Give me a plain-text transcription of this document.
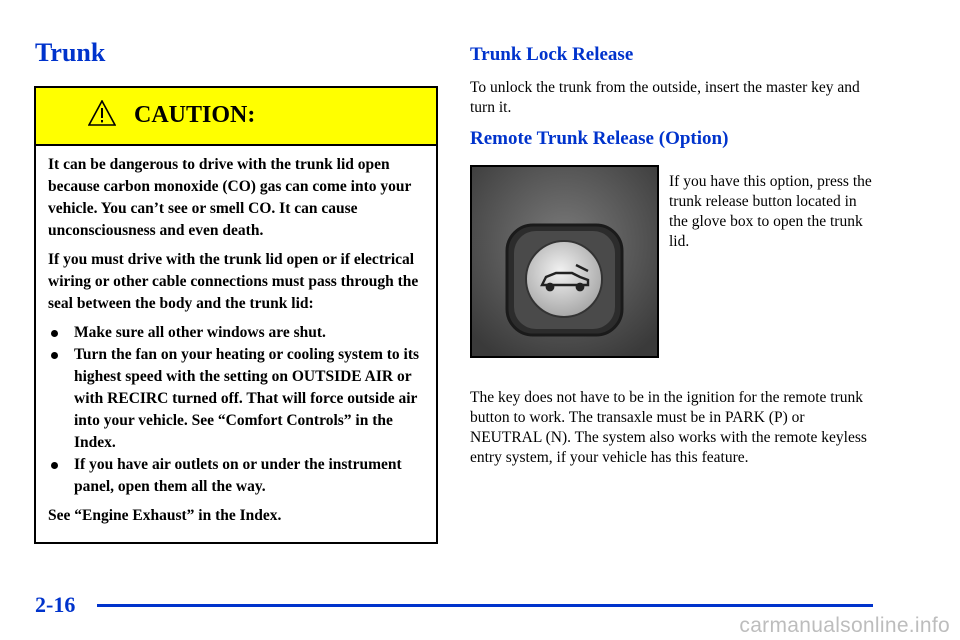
Trunk
CAUTION:

It can be dangerous to drive with the trunk lid open because carbon monoxide (CO) gas can come into your vehicle. You can’t see or smell CO. It can cause unconsciousness and even death.

If you must drive with the trunk lid open or if electrical wiring or other cable connections must pass through the seal between the body and the trunk lid:

Make sure all other windows are shut.
Turn the fan on your heating or cooling system to its highest speed with the setting on OUTSIDE AIR or with RECIRC turned off. That will force outside air into your vehicle. See “Comfort Controls” in the Index.
If you have air outlets on or under the instrument panel, open them all the way.

See “Engine Exhaust” in the Index.

Trunk Lock Release

To unlock the trunk from the outside, insert the master key and turn it.

Remote Trunk Release (Option)

If you have this option, press the trunk release button located in the glove box to open the trunk lid.

The key does not have to be in the ignition for the remote trunk button to work. The transaxle must be in PARK (P) or NEUTRAL (N). The system also works with the remote keyless entry system, if your vehicle has this feature.

2-16
carmanualsonline.info
